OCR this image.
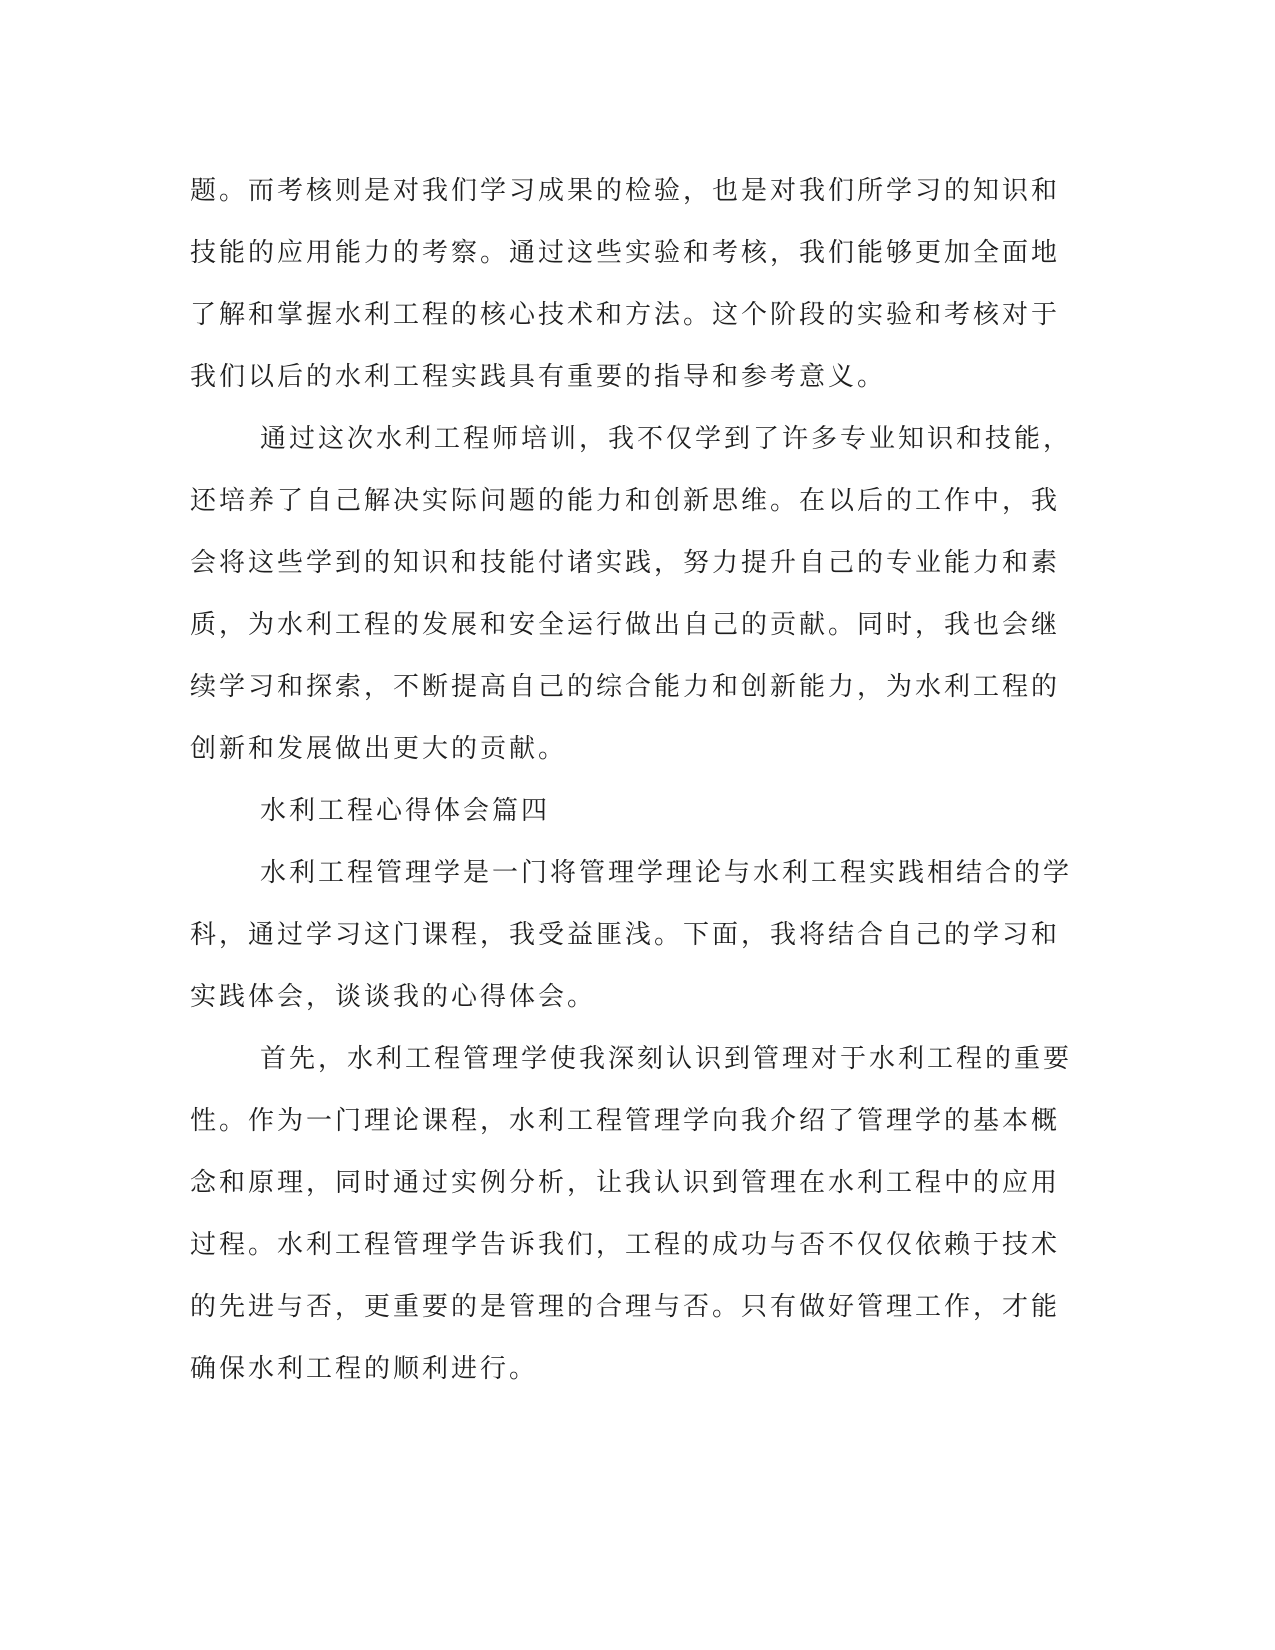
题。而考核则是对我们学习成果的检验，也是对我们所学习的知识和
技能的应用能力的考察。通过这些实验和考核，我们能够更加全面地
了解和掌握水利工程的核心技术和方法。这个阶段的实验和考核对于
我们以后的水利工程实践具有重要的指导和参考意义。
通过这次水利工程师培训，我不仅学到了许多专业知识和技能，
还培养了自己解决实际问题的能力和创新思维。在以后的工作中，我
会将这些学到的知识和技能付诸实践，努力提升自己的专业能力和素
质，为水利工程的发展和安全运行做出自己的贡献。同时，我也会继
续学习和探索，不断提高自己的综合能力和创新能力，为水利工程的
创新和发展做出更大的贡献。
水利工程心得体会篇四
水利工程管理学是一门将管理学理论与水利工程实践相结合的学
科，通过学习这门课程，我受益匪浅。下面，我将结合自己的学习和
实践体会，谈谈我的心得体会。
首先，水利工程管理学使我深刻认识到管理对于水利工程的重要
性。作为一门理论课程，水利工程管理学向我介绍了管理学的基本概
念和原理，同时通过实例分析，让我认识到管理在水利工程中的应用
过程。水利工程管理学告诉我们，工程的成功与否不仅仅依赖于技术
的先进与否，更重要的是管理的合理与否。只有做好管理工作，才能
确保水利工程的顺利进行。
